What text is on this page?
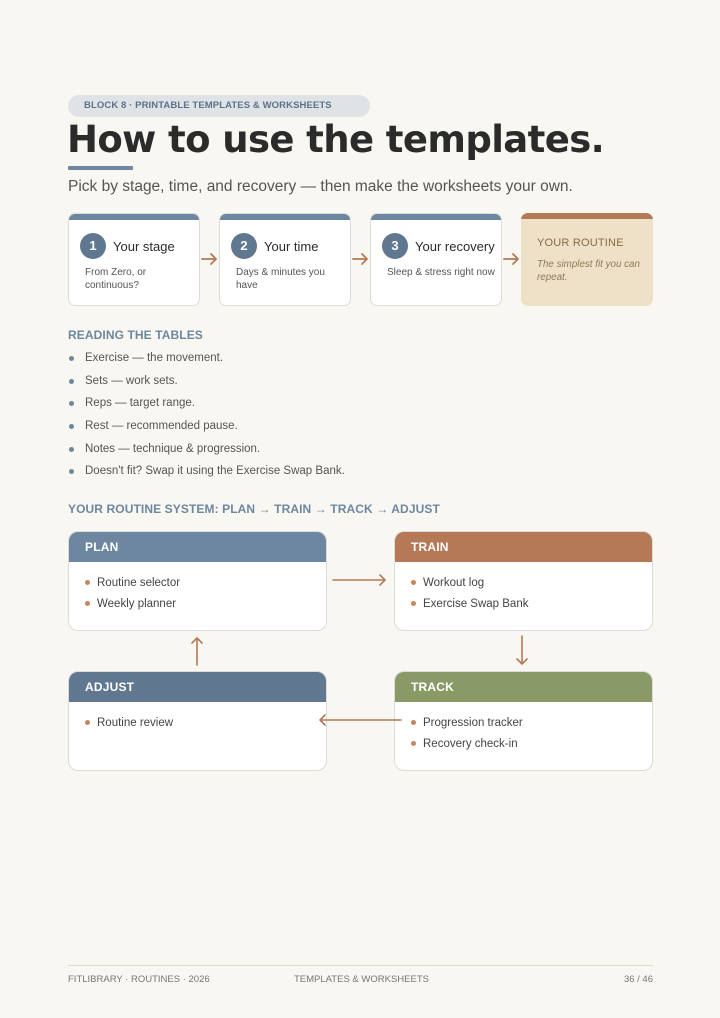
BLOCK 8 · PRINTABLE TEMPLATES & WORKSHEETS
How to use the templates.
Pick by stage, time, and recovery — then make the worksheets your own.
1	Your stage
From Zero, or continuous?
2	Your time
Days & minutes you have
3	Your recovery
Sleep & stress right now
YOUR ROUTINE
The simplest fit you can repeat.
READING THE TABLES
Exercise — the movement.
Sets — work sets.
Reps — target range.
Rest — recommended pause.
Notes — technique & progression.
Doesn't fit? Swap it using the Exercise Swap Bank.
YOUR ROUTINE SYSTEM: PLAN → TRAIN → TRACK → ADJUST
PLAN
Routine selector
Weekly planner
TRAIN
Workout log
Exercise Swap Bank
ADJUST
Routine review
TRACK
Progression tracker
Recovery check-in
FITLIBRARY · ROUTINES · 2026	TEMPLATES & WORKSHEETS	36 / 46
